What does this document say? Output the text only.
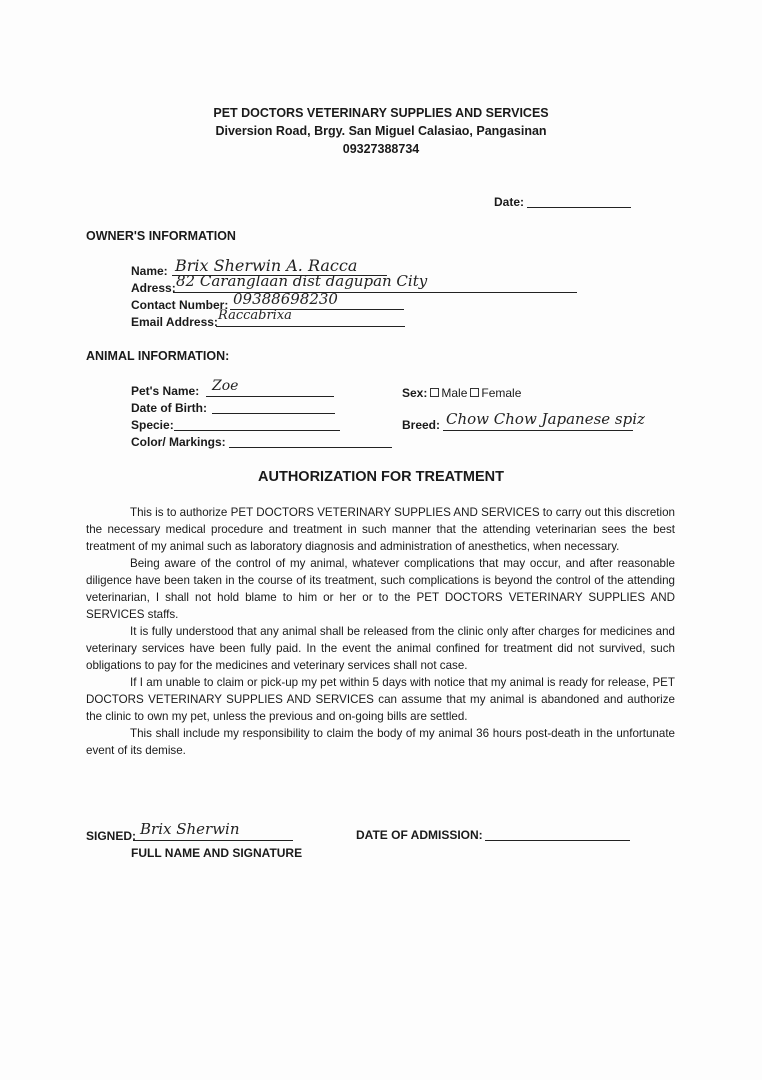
PET DOCTORS VETERINARY SUPPLIES AND SERVICES
Diversion Road, Brgy. San Miguel Calasiao, Pangasinan
09327388734
Date:
OWNER'S INFORMATION
Name: Brix Sherwin A. Racca
Adress: 82 Caranglaan dist dagupan City
Contact Number: 09388698230
Email Address: Raccabrixa
ANIMAL INFORMATION:
Pet's Name: Zoe
Date of Birth:
Specie:
Color/ Markings:
Sex: Male Female
Breed: Chow Chow Japanese spiz
AUTHORIZATION FOR TREATMENT

This is to authorize PET DOCTORS VETERINARY SUPPLIES AND SERVICES to carry out this discretion the necessary medical procedure and treatment in such manner that the attending veterinarian sees the best treatment of my animal such as laboratory diagnosis and administration of anesthetics, when necessary.

Being aware of the control of my animal, whatever complications that may occur, and after reasonable diligence have been taken in the course of its treatment, such complications is beyond the control of the attending veterinarian, I shall not hold blame to him or her or to the PET DOCTORS VETERINARY SUPPLIES AND SERVICES staffs.

It is fully understood that any animal shall be released from the clinic only after charges for medicines and veterinary services have been fully paid. In the event the animal confined for treatment did not survived, such obligations to pay for the medicines and veterinary services shall not case.

If I am unable to claim or pick-up my pet within 5 days with notice that my animal is ready for release, PET DOCTORS VETERINARY SUPPLIES AND SERVICES can assume that my animal is abandoned and authorize the clinic to own my pet, unless the previous and on-going bills are settled.

This shall include my responsibility to claim the body of my animal 36 hours post-death in the unfortunate event of its demise.

SIGNED: Brix Sherwin
FULL NAME AND SIGNATURE
DATE OF ADMISSION:
